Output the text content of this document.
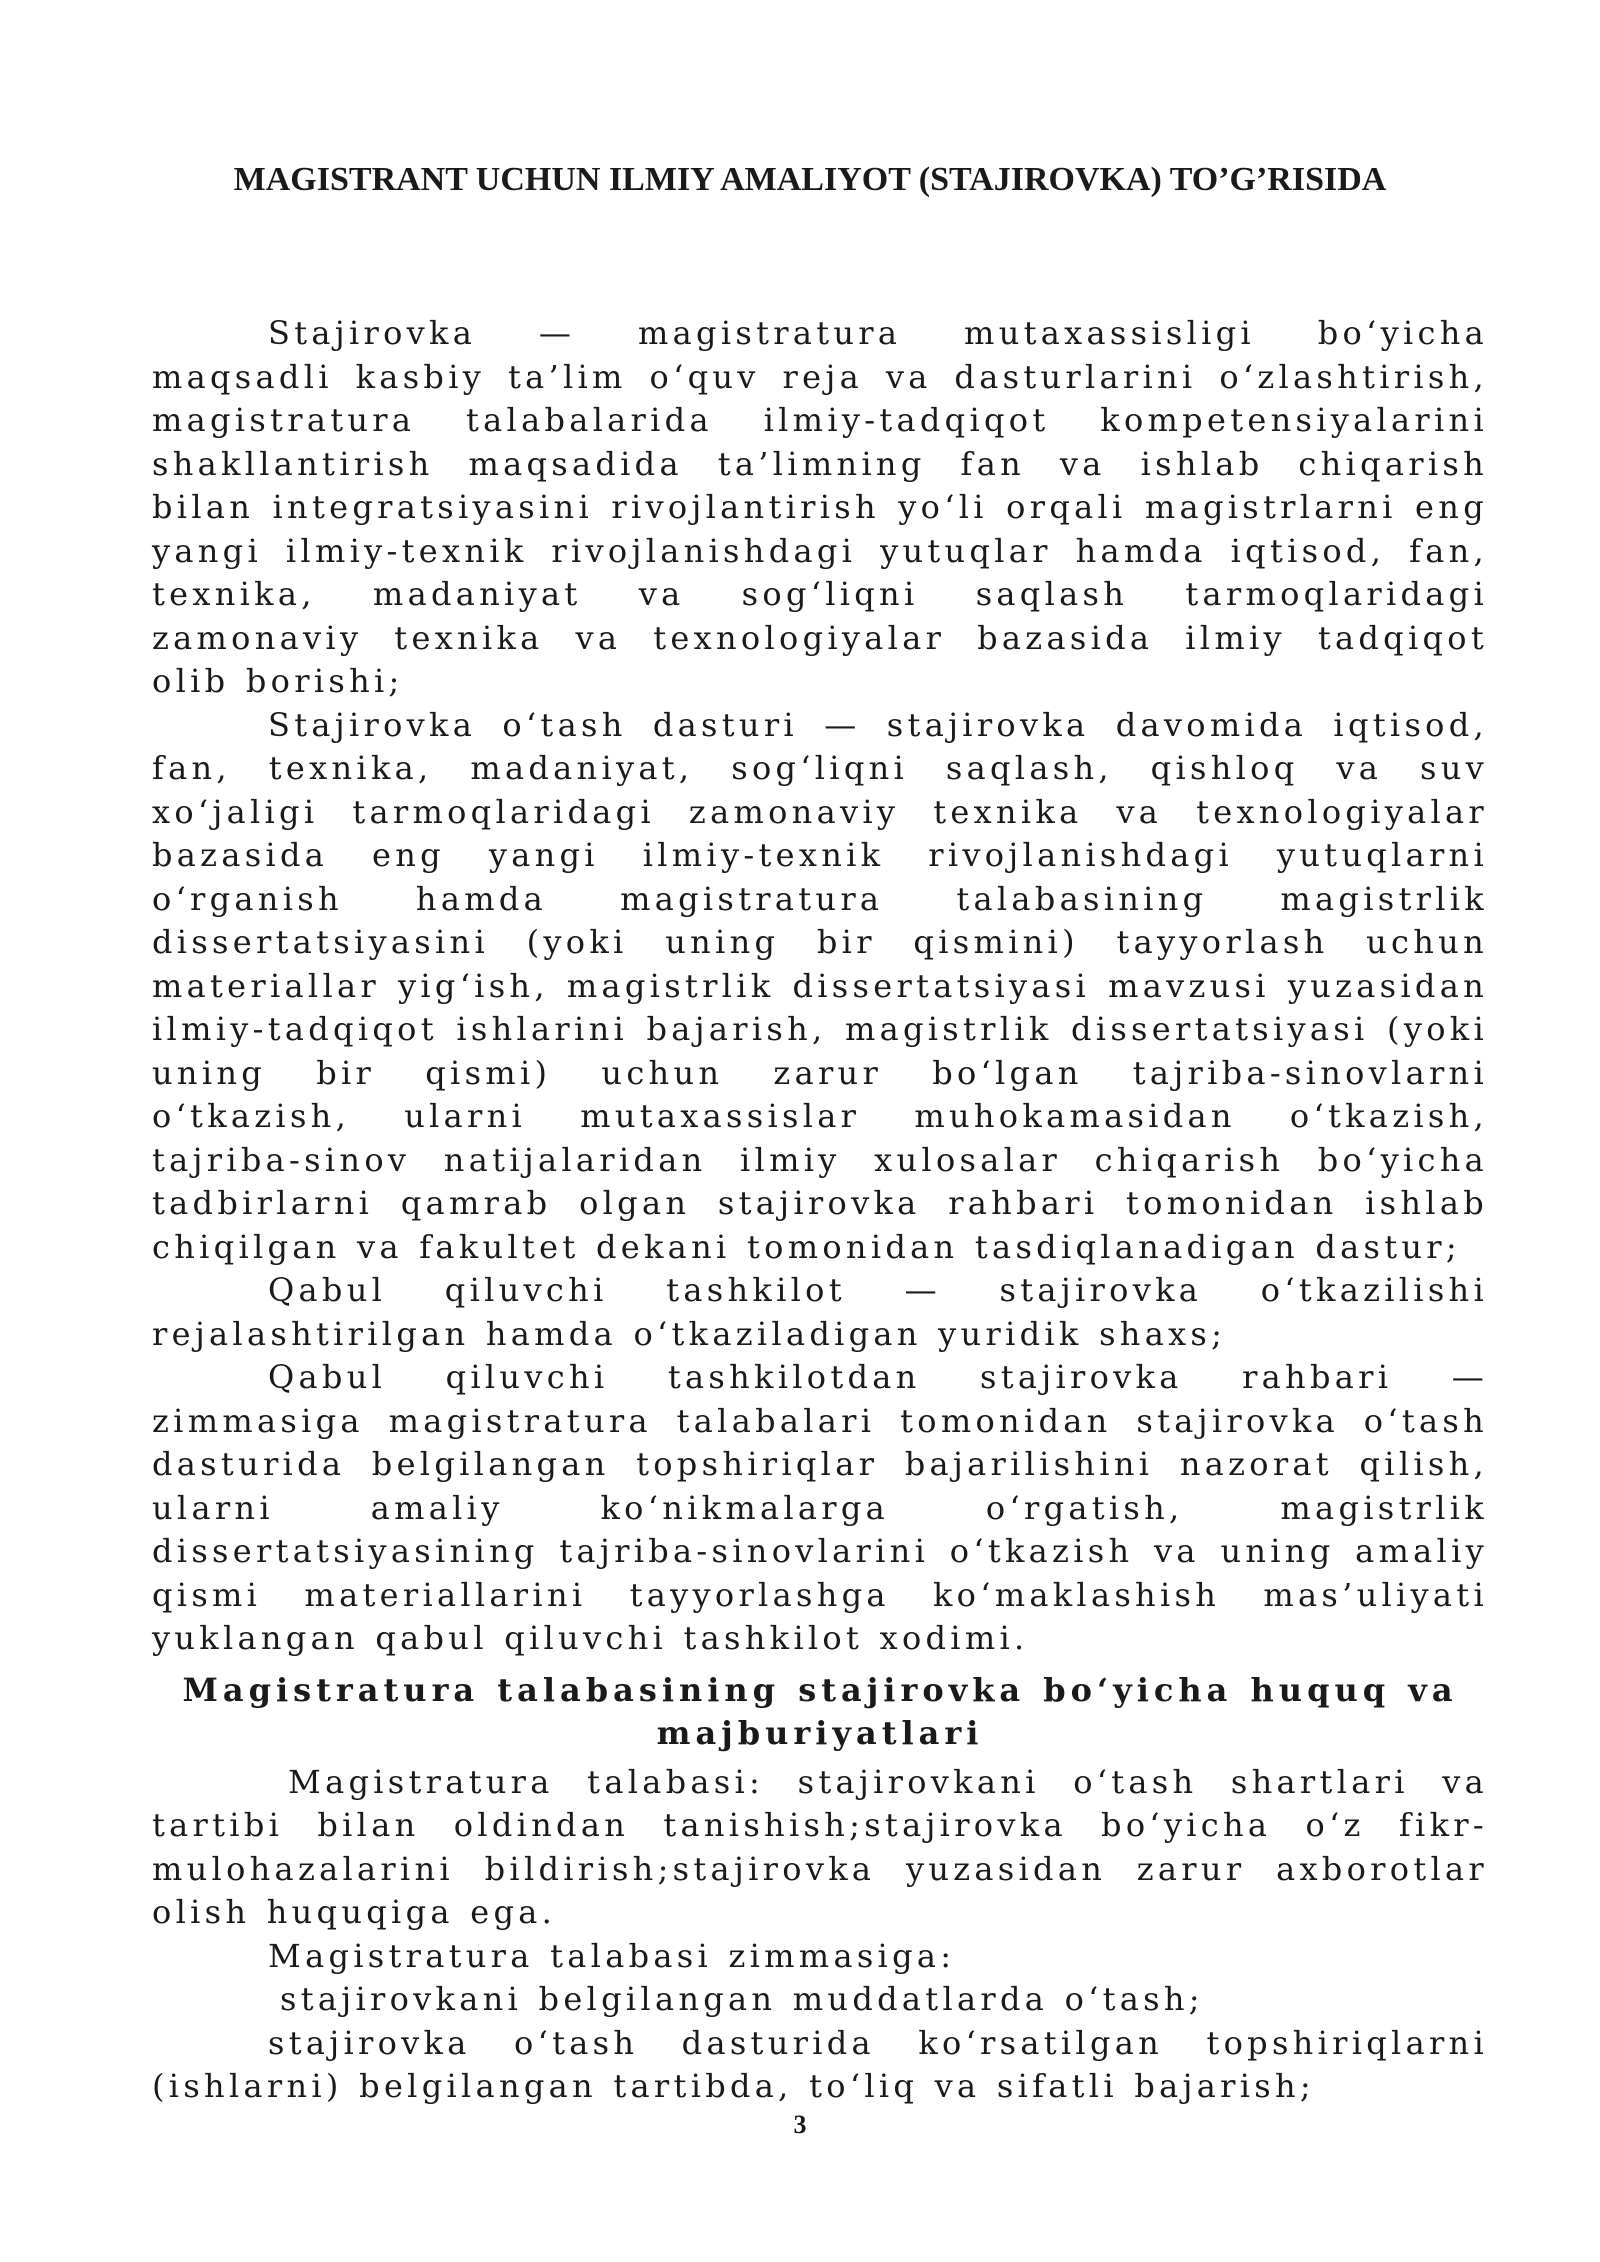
MAGISTRANT UCHUN ILMIY AMALIYOT (STAJIROVKA) TO’G’RISIDA

Stajirovka — magistratura mutaxassisligi bo‘yicha maqsadli kasbiy ta’lim o‘quv reja va dasturlarini o‘zlashtirish, magistratura talabalarida ilmiy-tadqiqot kompetensiyalarini shakllantirish maqsadida ta’limning fan va ishlab chiqarish bilan integratsiyasini rivojlantirish yo‘li orqali magistrlarni eng yangi ilmiy-texnik rivojlanishdagi yutuqlar hamda iqtisod, fan, texnika, madaniyat va sog‘liqni saqlash tarmoqlaridagi zamonaviy texnika va texnologiyalar bazasida ilmiy tadqiqot olib borishi;

Stajirovka o‘tash dasturi — stajirovka davomida iqtisod, fan, texnika, madaniyat, sog‘liqni saqlash, qishloq va suv xo‘jaligi tarmoqlaridagi zamonaviy texnika va texnologiyalar bazasida eng yangi ilmiy-texnik rivojlanishdagi yutuqlarni o‘rganish hamda magistratura talabasining magistrlik dissertatsiyasini (yoki uning bir qismini) tayyorlash uchun materiallar yig‘ish, magistrlik dissertatsiyasi mavzusi yuzasidan ilmiy-tadqiqot ishlarini bajarish, magistrlik dissertatsiyasi (yoki uning bir qismi) uchun zarur bo‘lgan tajriba-sinovlarni o‘tkazish, ularni mutaxassislar muhokamasidan o‘tkazish, tajriba-sinov natijalaridan ilmiy xulosalar chiqarish bo‘yicha tadbirlarni qamrab olgan stajirovka rahbari tomonidan ishlab chiqilgan va fakultet dekani tomonidan tasdiqlanadigan dastur;

Qabul qiluvchi tashkilot — stajirovka o‘tkazilishi rejalashtirilgan hamda o‘tkaziladigan yuridik shaxs;

Qabul qiluvchi tashkilotdan stajirovka rahbari — zimmasiga magistratura talabalari tomonidan stajirovka o‘tash dasturida belgilangan topshiriqlar bajarilishini nazorat qilish, ularni amaliy ko‘nikmalarga o‘rgatish, magistrlik dissertatsiyasining tajriba-sinovlarini o‘tkazish va uning amaliy qismi materiallarini tayyorlashga ko‘maklashish mas’uliyati yuklangan qabul qiluvchi tashkilot xodimi.

Magistratura talabasining stajirovka bo‘yicha huquq va majburiyatlari

Magistratura talabasi: stajirovkani o‘tash shartlari va tartibi bilan oldindan tanishish;stajirovka bo‘yicha o‘z fikr-mulohazalarini bildirish;stajirovka yuzasidan zarur axborotlar olish huquqiga ega.

Magistratura talabasi zimmasiga:

stajirovkani belgilangan muddatlarda o‘tash;

stajirovka o‘tash dasturida ko‘rsatilgan topshiriqlarni (ishlarni) belgilangan tartibda, to‘liq va sifatli bajarish;

3
